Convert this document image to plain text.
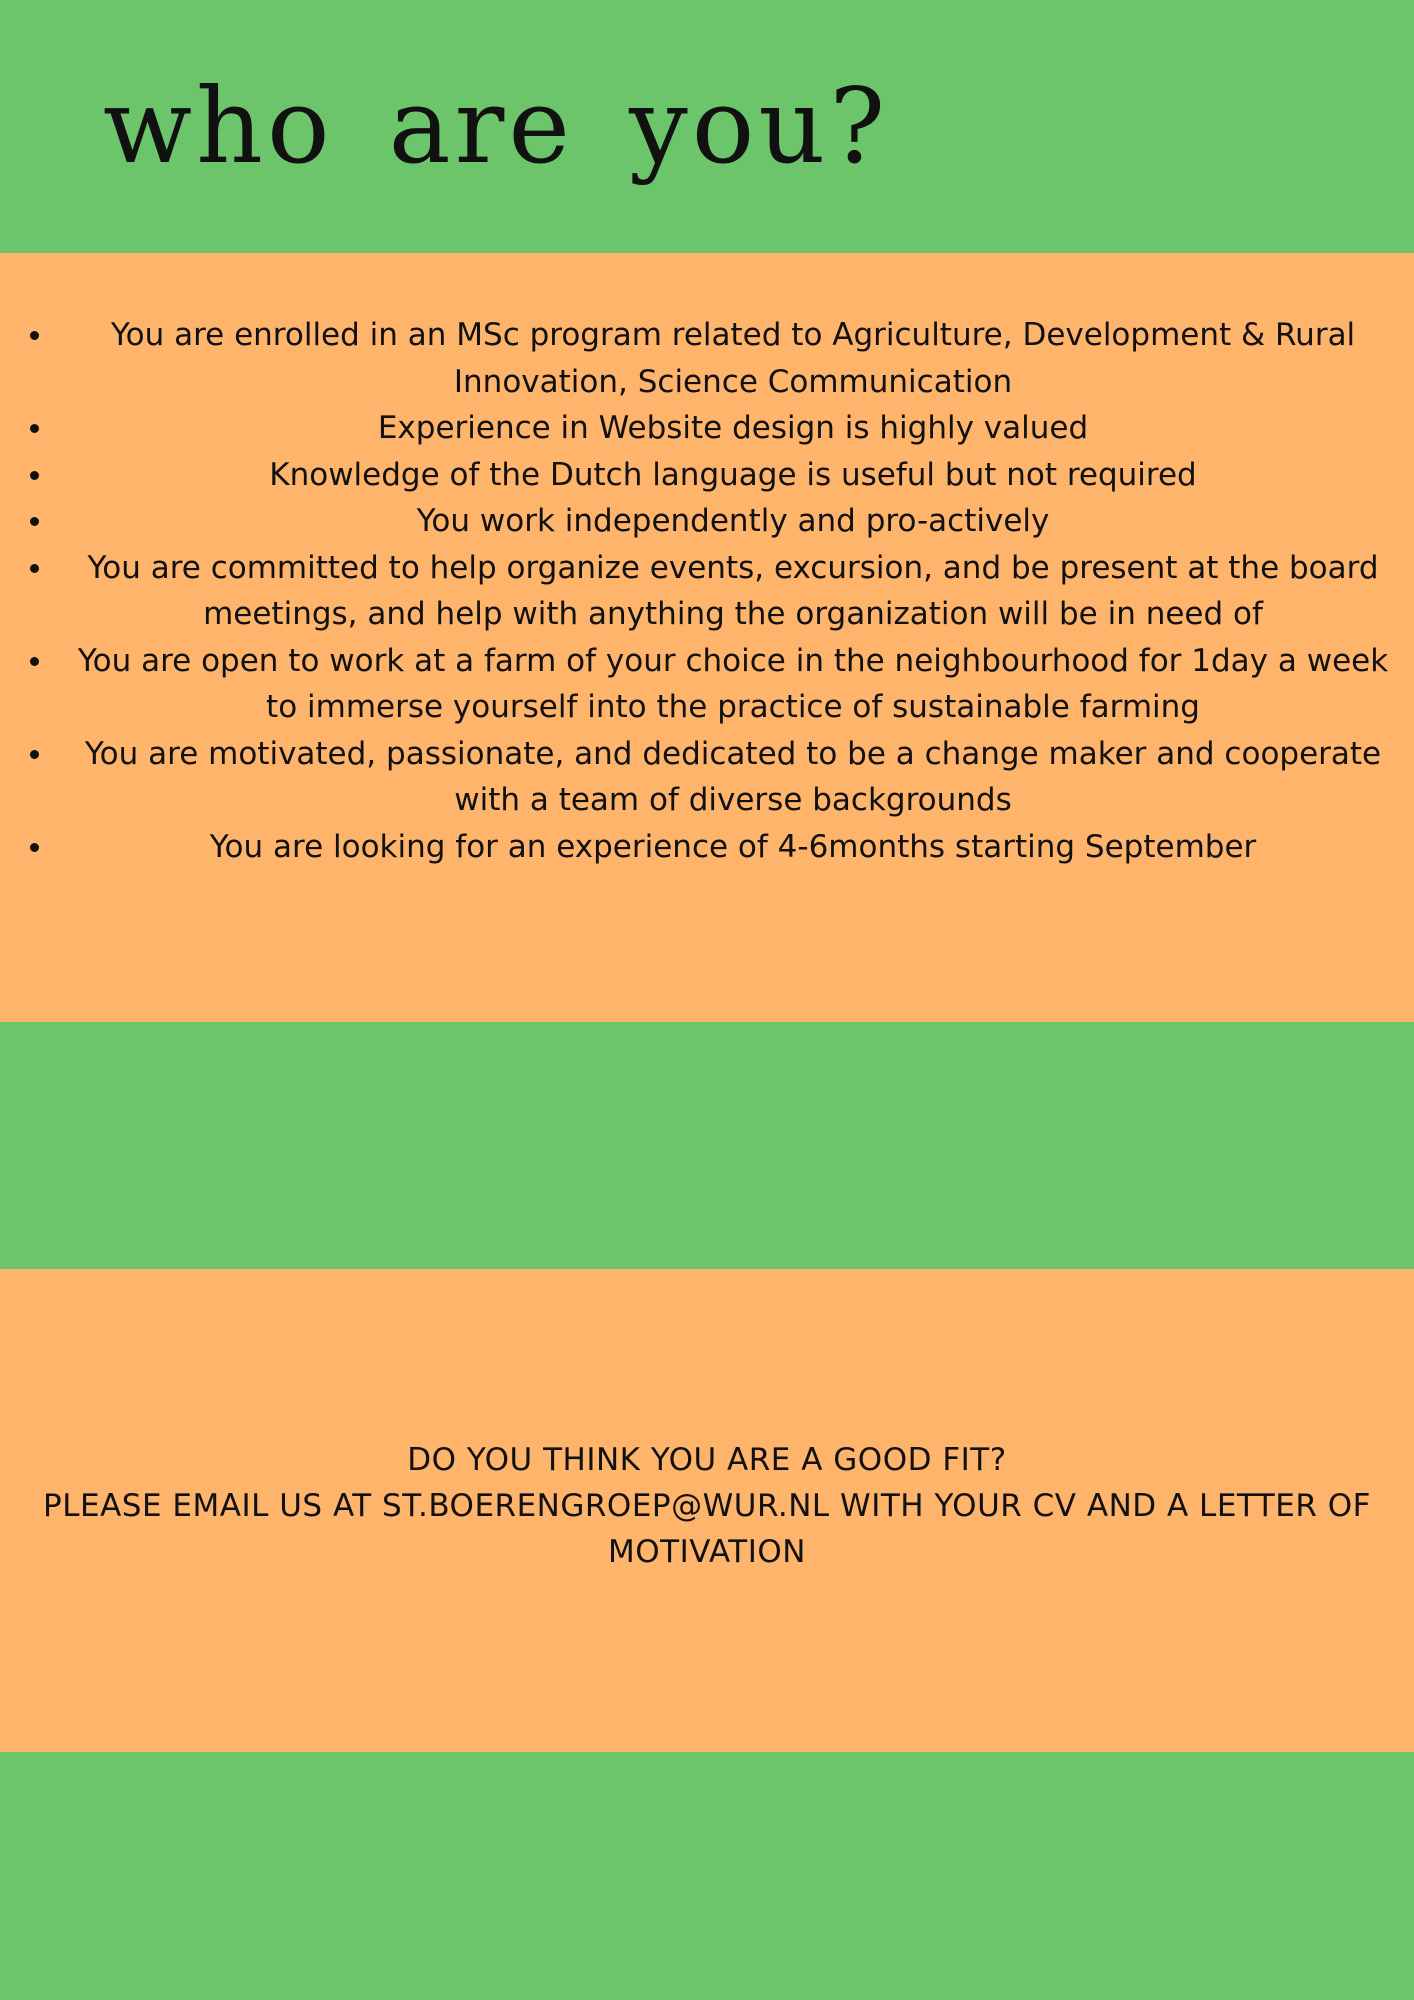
who are you?
You are enrolled in an MSc program related to Agriculture, Development & Rural Innovation, Science Communication
Experience in Website design is highly valued
Knowledge of the Dutch language is useful but not required
You work independently and pro-actively
You are committed to help organize events, excursion, and be present at the board meetings, and help with anything the organization will be in need of
You are open to work at a farm of your choice in the neighbourhood for 1day a week to immerse yourself into the practice of sustainable farming
You are motivated, passionate, and dedicated to be a change maker and cooperate with a team of diverse backgrounds
You are looking for an experience of 4-6months starting September

DO YOU THINK YOU ARE A GOOD FIT?

PLEASE EMAIL US AT ST.BOERENGROEP@WUR.NL WITH YOUR CV AND A LETTER OF MOTIVATION
